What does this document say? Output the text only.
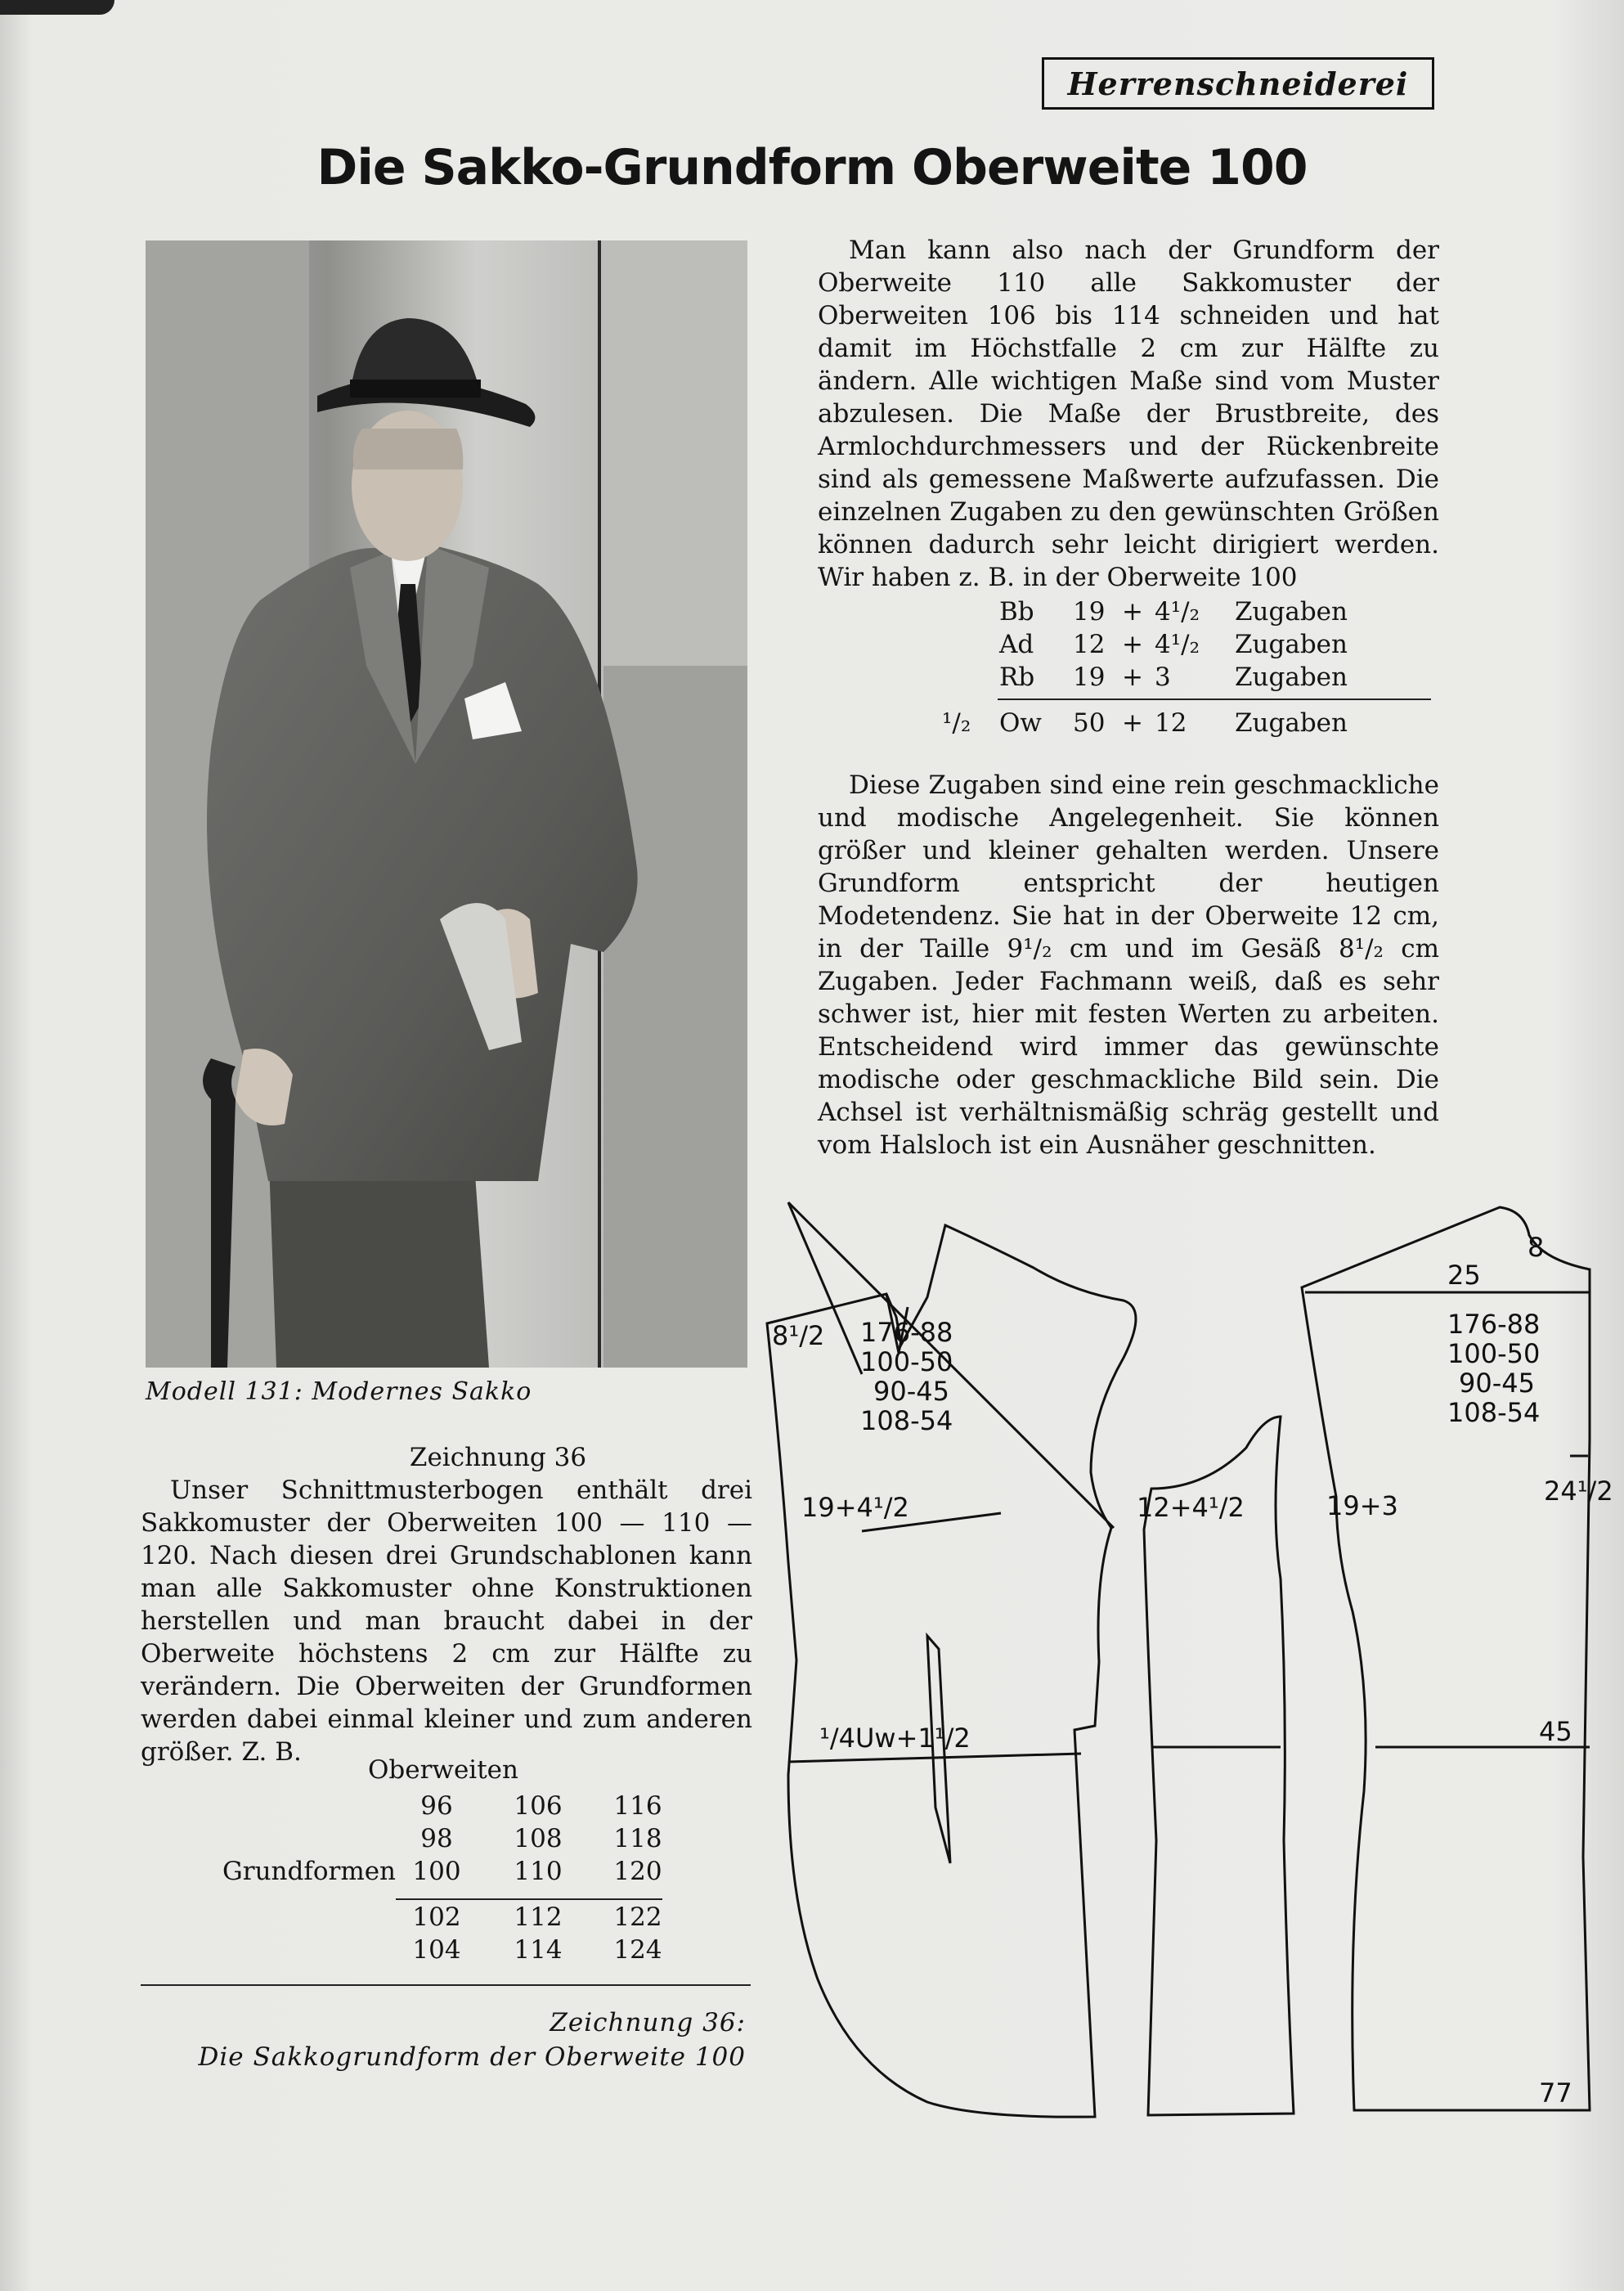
Herrenschneiderei
Die Sakko-Grundform Oberweite 100
Modell 131: Modernes Sakko

Man kann also nach der Grundform der Oberweite 110 alle Sakkomuster der Oberweiten 106 bis 114 schneiden und hat damit im Höchstfalle 2 cm zur Hälfte zu ändern. Alle wichtigen Maße sind vom Muster abzulesen. Die Maße der Brustbreite, des Armlochdurchmessers und der Rückenbreite sind als gemessene Maßwerte aufzufassen. Die einzelnen Zugaben zu den gewünschten Größen können dadurch sehr leicht dirigiert werden. Wir haben z. B. in der Oberweite 100

Bb 19 + 4¹/₂ Zugaben
Ad 12 + 4¹/₂ Zugaben
Rb 19 + 3	Zugaben
¹/₂ Ow 50 + 12 Zugaben

Diese Zugaben sind eine rein geschmackliche und modische Angelegenheit. Sie können größer und kleiner gehalten werden. Unsere Grundform entspricht der heutigen Modetendenz. Sie hat in der Oberweite 12 cm, in der Taille 9¹/₂ cm und im Gesäß 8¹/₂ cm Zugaben. Jeder Fachmann weiß, daß es sehr schwer ist, hier mit festen Werten zu arbeiten. Entscheidend wird immer das gewünschte modische oder geschmackliche Bild sein. Die Achsel ist verhältnismäßig schräg gestellt und vom Halsloch ist ein Ausnäher geschnitten.

Zeichnung 36

Unser Schnittmusterbogen enthält drei Sakkomuster der Oberweiten 100 — 110 — 120. Nach diesen drei Grundschablonen kann man alle Sakkomuster ohne Konstruktionen herstellen und man braucht dabei in der Oberweite höchstens 2 cm zur Hälfte zu verändern. Die Oberweiten der Grundformen werden dabei einmal kleiner und zum anderen größer. Z. B.

Oberweiten
96
98
100
102
104
106
108
110
112
114
116
118
120
122
124
Grundformen
Zeichnung 36:
Die Sakkogrundform der Oberweite 100
176-88
100-50
90-45
108-54
8¹/2
19+4¹/2
¹/4Uw+1¹/2
12+4¹/2	19+3
176-88
100-50
90-45
108-54
25
8
24¹/2
45
77
